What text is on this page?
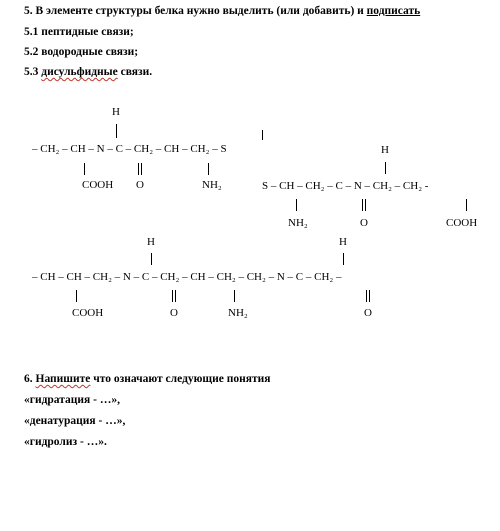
5. В элементе структуры белка нужно выделить (или добавить) и подписать
5.1 пептидные связи;
5.2 водородные связи;
5.3 дисульфидные связи.
H
– CH₂ – CH – N – C – CH₂ – CH – CH₂ – S
COOH O	NH₂
H
S – CH – CH₂ – C – N – CH₂ – CH₂ -
NH₂	O	COOH
H	H
– CH – CH – CH₂ – N – C – CH₂ – CH – CH₂ – CH₂ – N – C – CH₂ –
COOH	O	NH₂	O
6. Напишите что означают следующие понятия
«гидратация - …»,
«денатурация - …»,
«гидролиз - …».
